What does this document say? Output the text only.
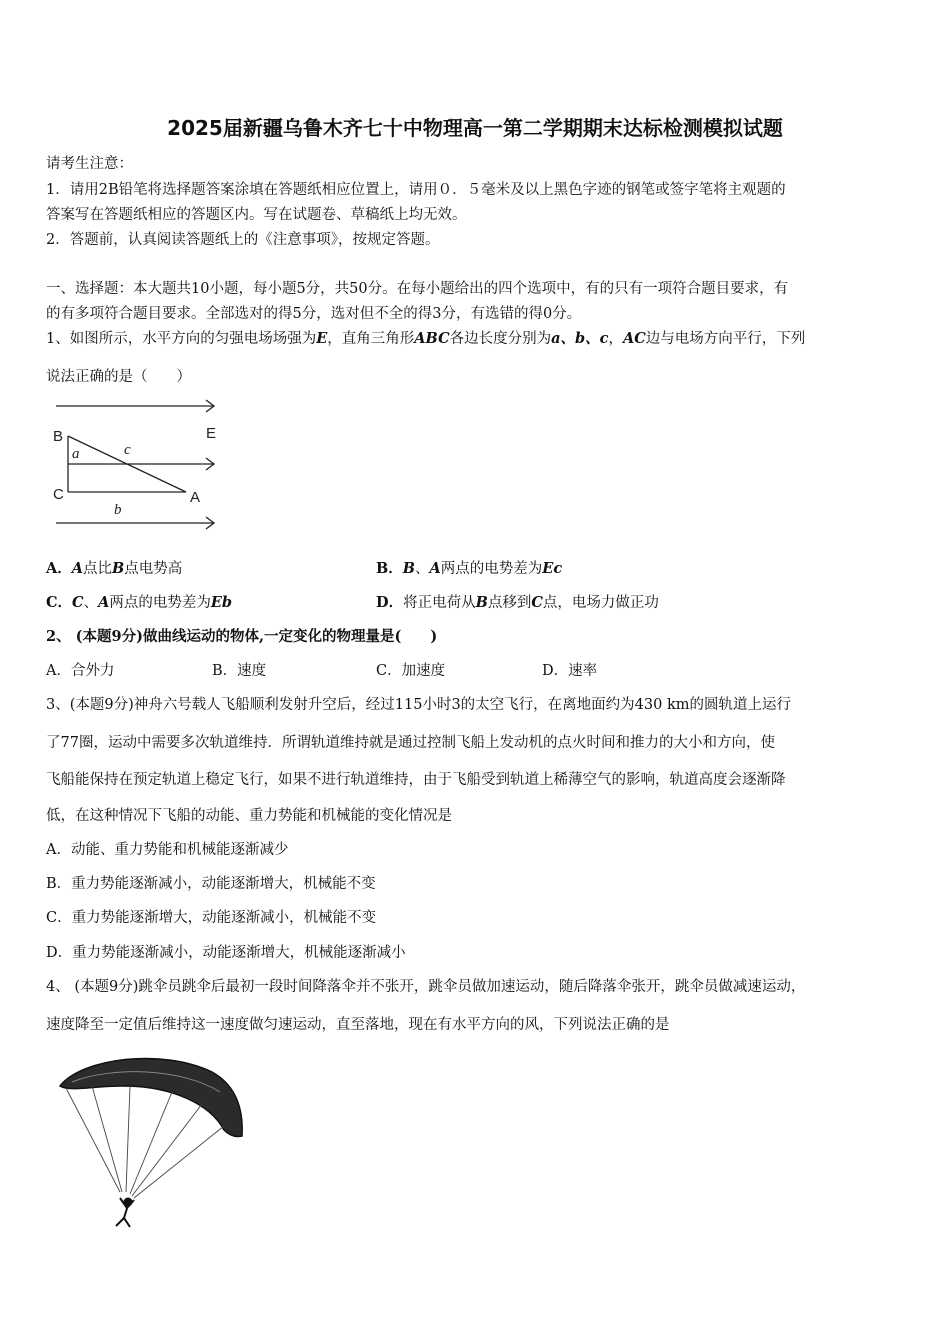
2025届新疆乌鲁木齐七十中物理高一第二学期期末达标检测模拟试题
请考生注意：
1．请用2B铅笔将选择题答案涂填在答题纸相应位置上，请用０．５毫米及以上黑色字迹的钢笔或签字笔将主观题的
答案写在答题纸相应的答题区内。写在试题卷、草稿纸上均无效。
2．答题前，认真阅读答题纸上的《注意事项》，按规定答题。
一、选择题：本大题共10小题，每小题5分，共50分。在每小题给出的四个选项中，有的只有一项符合题目要求，有
的有多项符合题目要求。全部选对的得5分，选对但不全的得3分，有选错的得0分。
1、如图所示，水平方向的匀强电场场强为E，直角三角形ABC各边长度分别为a、b、c，AC边与电场方向平行，下列
说法正确的是（　　）
B
C	A
E
a
b
c
A．A点比B点电势高	B．B、A两点的电势差为Ec
C．C、A两点的电势差为Eb	D．将正电荷从B点移到C点，电场力做正功
2、 (本题9分)做曲线运动的物体,一定变化的物理量是(　　)
A．合外力	B．速度	C．加速度	D．速率
3、(本题9分)神舟六号载人飞船顺利发射升空后，经过115小时3的太空飞行，在离地面约为430 km的圆轨道上运行
了77圈，运动中需要多次轨道维持．所谓轨道维持就是通过控制飞船上发动机的点火时间和推力的大小和方向，使
飞船能保持在预定轨道上稳定飞行，如果不进行轨道维持，由于飞船受到轨道上稀薄空气的影响，轨道高度会逐渐降
低，在这种情况下飞船的动能、重力势能和机械能的变化情况是
A．动能、重力势能和机械能逐渐减少
B．重力势能逐渐减小，动能逐渐增大，机械能不变
C．重力势能逐渐增大，动能逐渐减小，机械能不变
D．重力势能逐渐减小，动能逐渐增大，机械能逐渐减小
4、 (本题9分)跳伞员跳伞后最初一段时间降落伞并不张开，跳伞员做加速运动，随后降落伞张开，跳伞员做减速运动，
速度降至一定值后维持这一速度做匀速运动，直至落地，现在有水平方向的风，下列说法正确的是
